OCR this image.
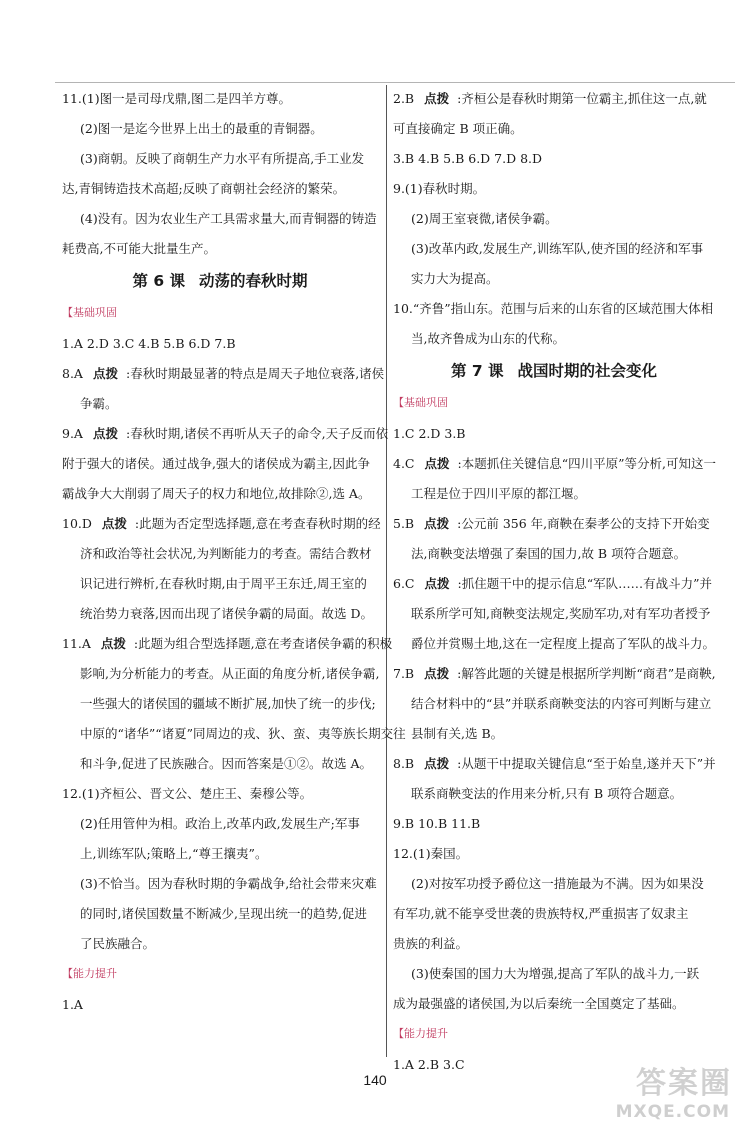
11.(1)图一是司母戊鼎,图二是四羊方尊。
(2)图一是迄今世界上出土的最重的青铜器。
(3)商朝。反映了商朝生产力水平有所提高,手工业发
达,青铜铸造技术高超;反映了商朝社会经济的繁荣。
(4)没有。因为农业生产工具需求量大,而青铜器的铸造
耗费高,不可能大批量生产。
第 6 课 动荡的春秋时期
【基础巩固
1.A 2.D 3.C 4.B 5.B 6.D 7.B
8.A 点拨 :春秋时期最显著的特点是周天子地位衰落,诸侯
争霸。
9.A 点拨 :春秋时期,诸侯不再听从天子的命令,天子反而依
附于强大的诸侯。通过战争,强大的诸侯成为霸主,因此争
霸战争大大削弱了周天子的权力和地位,故排除②,选 A。
10.D 点拨 :此题为否定型选择题,意在考查春秋时期的经
济和政治等社会状况,为判断能力的考查。需结合教材
识记进行辨析,在春秋时期,由于周平王东迁,周王室的
统治势力衰落,因而出现了诸侯争霸的局面。故选 D。
11.A 点拨 :此题为组合型选择题,意在考查诸侯争霸的积极
影响,为分析能力的考查。从正面的角度分析,诸侯争霸,
一些强大的诸侯国的疆域不断扩展,加快了统一的步伐;
中原的“诸华”“诸夏”同周边的戎、狄、蛮、夷等族长期交往
和斗争,促进了民族融合。因而答案是①②。故选 A。
12.(1)齐桓公、晋文公、楚庄王、秦穆公等。
(2)任用管仲为相。政治上,改革内政,发展生产;军事
上,训练军队;策略上,“尊王攘夷”。
(3)不恰当。因为春秋时期的争霸战争,给社会带来灾难
的同时,诸侯国数量不断减少,呈现出统一的趋势,促进
了民族融合。
【能力提升
1.A
2.B 点拨 :齐桓公是春秋时期第一位霸主,抓住这一点,就
可直接确定 B 项正确。
3.B 4.B 5.B 6.D 7.D 8.D
9.(1)春秋时期。
(2)周王室衰微,诸侯争霸。
(3)改革内政,发展生产,训练军队,使齐国的经济和军事
实力大为提高。
10.“齐鲁”指山东。范围与后来的山东省的区域范围大体相
当,故齐鲁成为山东的代称。
第 7 课 战国时期的社会变化
【基础巩固
1.C 2.D 3.B
4.C 点拨 :本题抓住关键信息“四川平原”等分析,可知这一
工程是位于四川平原的都江堰。
5.B 点拨 :公元前 356 年,商鞅在秦孝公的支持下开始变
法,商鞅变法增强了秦国的国力,故 B 项符合题意。
6.C 点拨 :抓住题干中的提示信息“军队……有战斗力”并
联系所学可知,商鞅变法规定,奖励军功,对有军功者授予
爵位并赏赐土地,这在一定程度上提高了军队的战斗力。
7.B 点拨 :解答此题的关键是根据所学判断“商君”是商鞅,
结合材料中的“县”并联系商鞅变法的内容可判断与建立
县制有关,选 B。
8.B 点拨 :从题干中提取关键信息“至于始皇,遂并天下”并
联系商鞅变法的作用来分析,只有 B 项符合题意。
9.B 10.B 11.B
12.(1)秦国。
(2)对按军功授予爵位这一措施最为不满。因为如果没
有军功,就不能享受世袭的贵族特权,严重损害了奴隶主
贵族的利益。
(3)使秦国的国力大为增强,提高了军队的战斗力,一跃
成为最强盛的诸侯国,为以后秦统一全国奠定了基础。
【能力提升
1.A 2.B 3.C
140	答案圈
MXQE.COM
